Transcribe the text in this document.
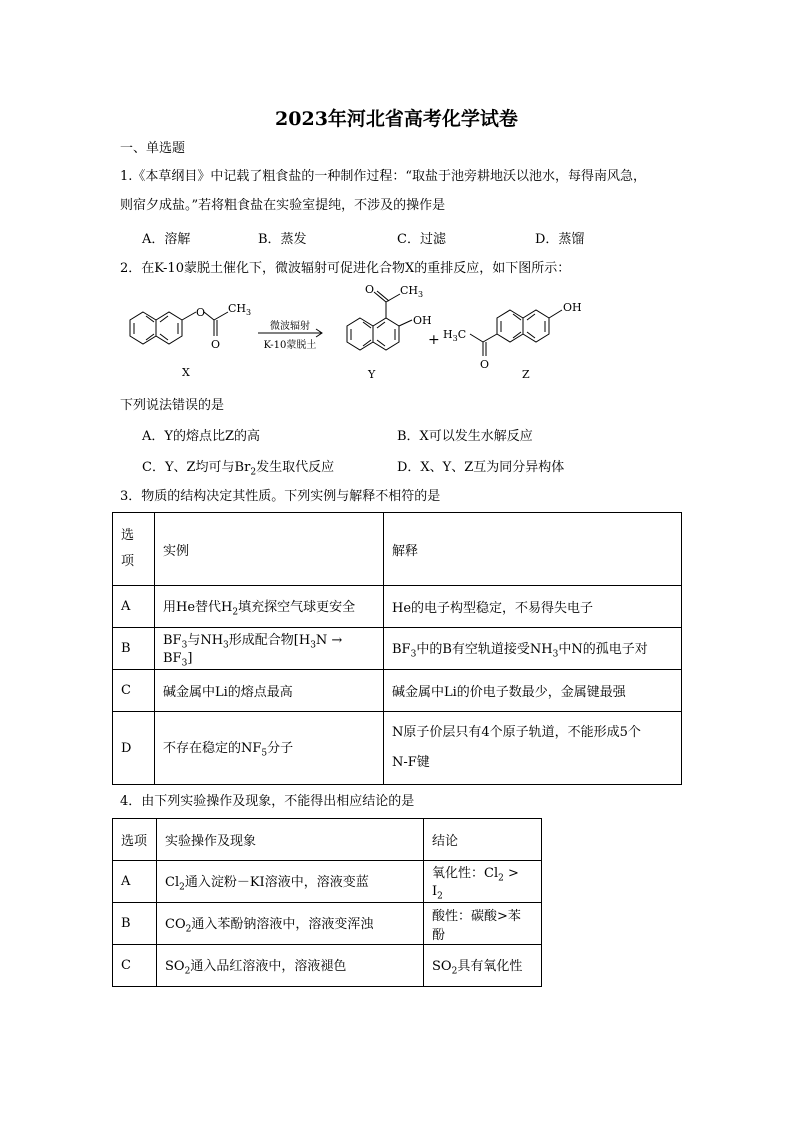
2023年河北省高考化学试卷
一、单选题
1.《本草纲目》中记载了粗食盐的一种制作过程：“取盐于池旁耕地沃以池水，每得南风急，
则宿夕成盐。”若将粗食盐在实验室提纯，不涉及的操作是
A．溶解	B．蒸发	C．过滤	D．蒸馏
2．在K-10蒙脱土催化下，微波辐射可促进化合物X的重排反应，如下图所示：
O $CH_3$
O
X
微波辐射
K-10蒙脱土
O $CH_3$
OH
Y
+ $H_3C$
O
OH
Z
下列说法错误的是
A．Y的熔点比Z的高	B．X可以发生水解反应
C．Y、Z均可与$Br_2$发生取代反应	D．X、Y、Z互为同分异构体
3．物质的结构决定其性质。下列实例与解释不相符的是
选
项	实例	解释
A	用He替代$H_2$填充探空气球更安全	He的电子构型稳定，不易得失电子
B	$BF_3$与$NH_3$形成配合物$[H_3N \to BF_3]$	$BF_3$中的B有空轨道接受$NH_3$中N的孤电子对
C	碱金属中Li的熔点最高	碱金属中Li的价电子数最少，金属键最强
D	不存在稳定的$NF_5$分子	N原子价层只有4个原子轨道，不能形成5个
N-F键
4．由下列实验操作及现象，不能得出相应结论的是
选项	实验操作及现象	结论
A	$Cl_2$通入淀粉－KI溶液中，溶液变蓝	氧化性：$Cl_2 > I_2$
B	$CO_2$通入苯酚钠溶液中，溶液变浑浊	酸性：碳酸>苯酚
C	$SO_2$通入品红溶液中，溶液褪色	$SO_2$具有氧化性
